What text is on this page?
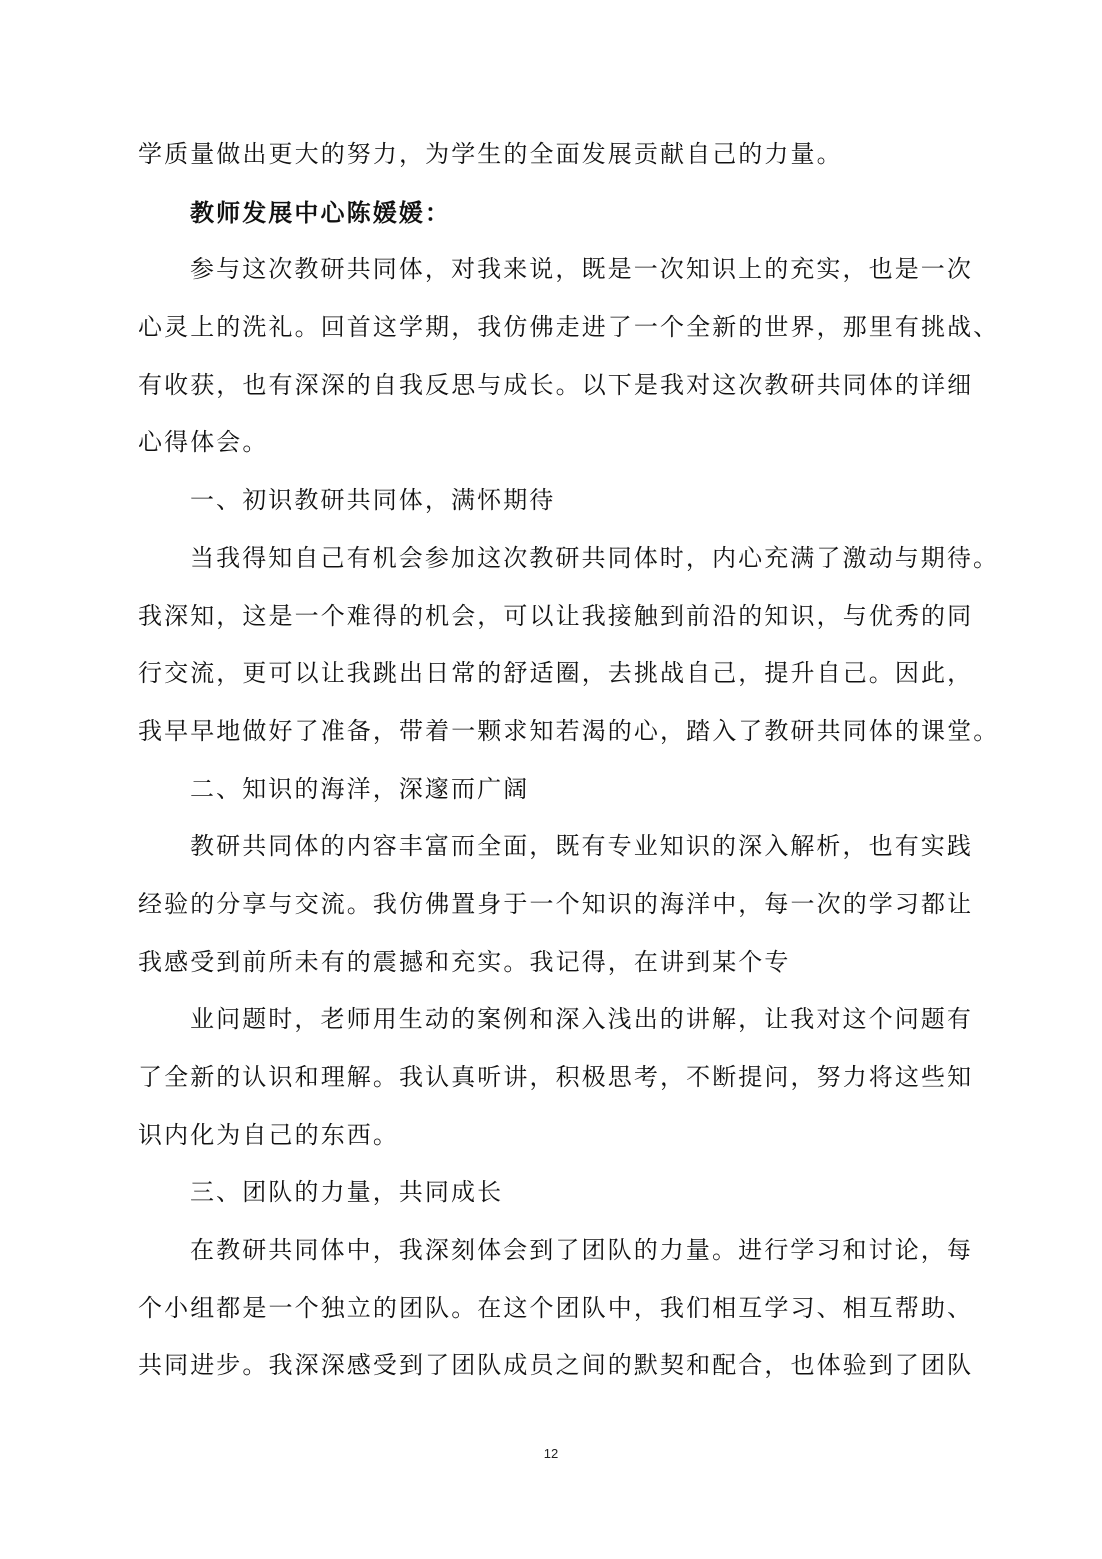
学质量做出更大的努力，为学生的全面发展贡献自己的力量。
教师发展中心陈媛媛：
参与这次教研共同体，对我来说，既是一次知识上的充实，也是一次
心灵上的洗礼。回首这学期，我仿佛走进了一个全新的世界，那里有挑战、
有收获，也有深深的自我反思与成长。以下是我对这次教研共同体的详细
心得体会。
一、初识教研共同体，满怀期待
当我得知自己有机会参加这次教研共同体时，内心充满了激动与期待。
我深知，这是一个难得的机会，可以让我接触到前沿的知识，与优秀的同
行交流，更可以让我跳出日常的舒适圈，去挑战自己，提升自己。因此，
我早早地做好了准备，带着一颗求知若渴的心，踏入了教研共同体的课堂。
二、知识的海洋，深邃而广阔
教研共同体的内容丰富而全面，既有专业知识的深入解析，也有实践
经验的分享与交流。我仿佛置身于一个知识的海洋中，每一次的学习都让
我感受到前所未有的震撼和充实。我记得，在讲到某个专
业问题时，老师用生动的案例和深入浅出的讲解，让我对这个问题有
了全新的认识和理解。我认真听讲，积极思考，不断提问，努力将这些知
识内化为自己的东西。
三、团队的力量，共同成长
在教研共同体中，我深刻体会到了团队的力量。进行学习和讨论，每
个小组都是一个独立的团队。在这个团队中，我们相互学习、相互帮助、
共同进步。我深深感受到了团队成员之间的默契和配合，也体验到了团队
12
